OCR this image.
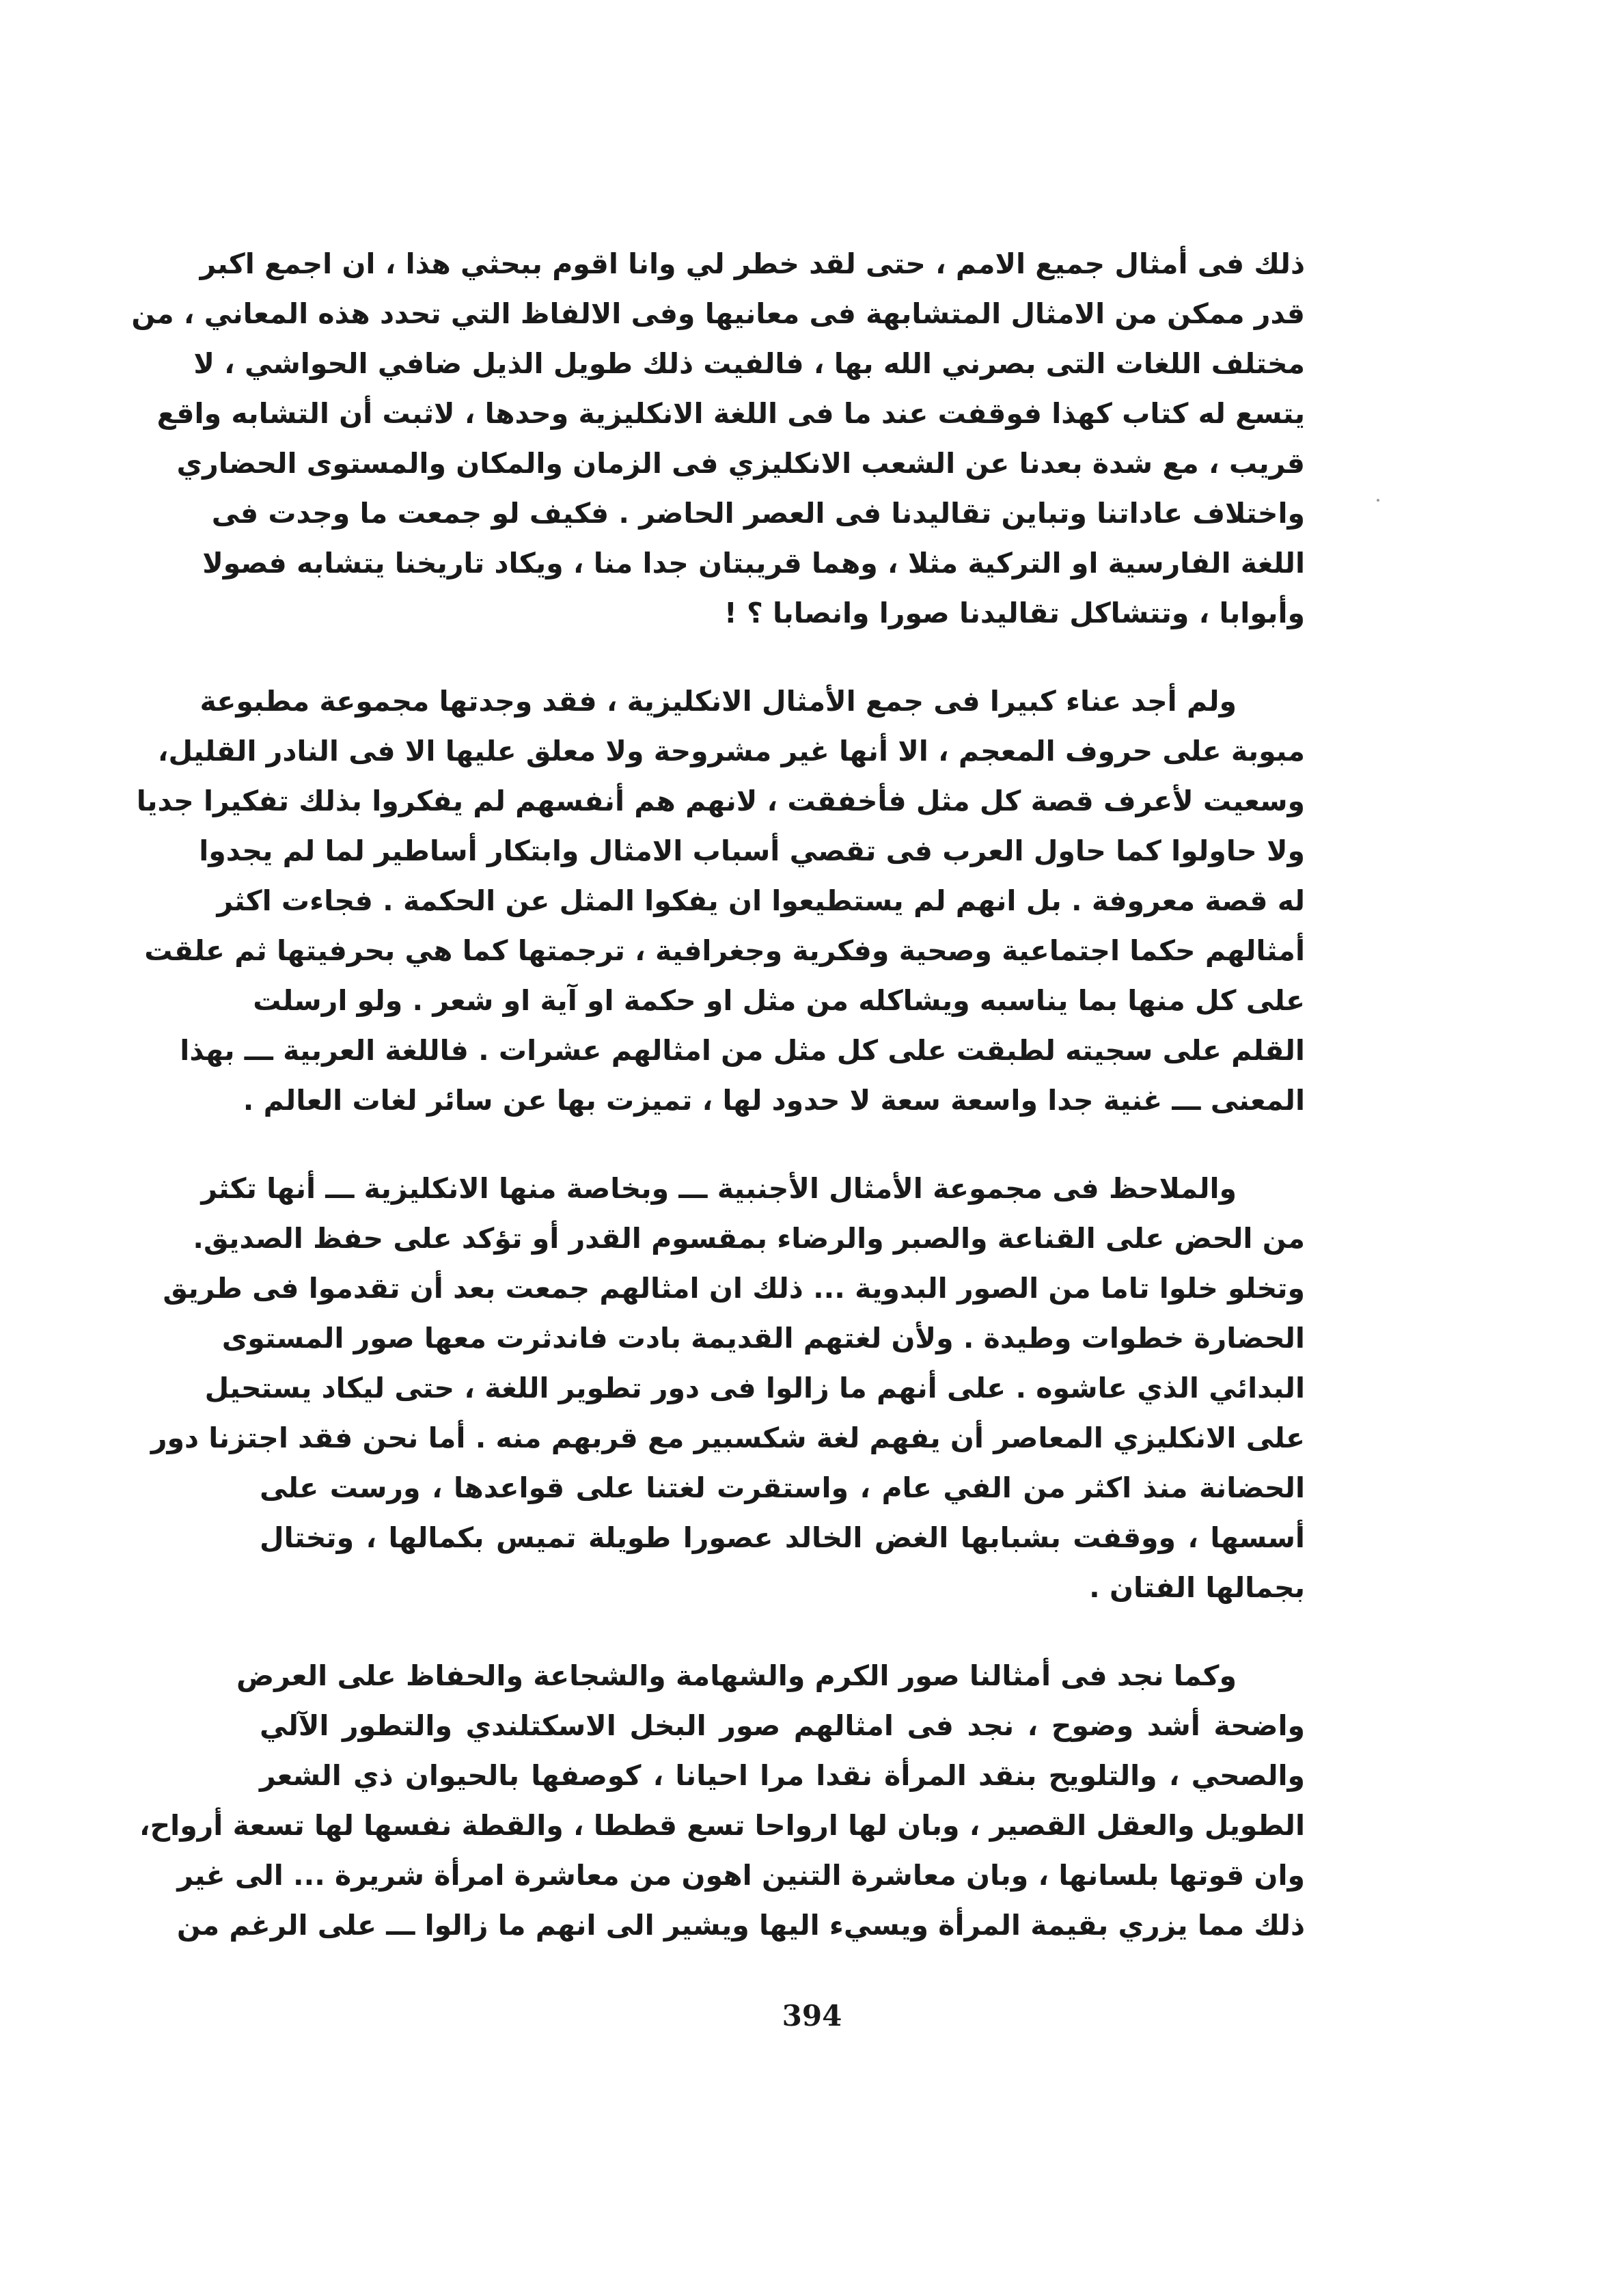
ذلك فى أمثال جميع الامم ، حتى لقد خطر لي وانا اقوم ببحثي هذا ، ان اجمع اكبر
قدر ممكن من الامثال المتشابهة فى معانيها وفى الالفاظ التي تحدد هذه المعاني ، من
مختلف اللغات التى بصرني الله بها ، فالفيت ذلك طويل الذيل ضافي الحواشي ، لا
يتسع له كتاب كهذا فوقفت عند ما فى اللغة الانكليزية وحدها ، لاثبت أن التشابه واقع
قريب ، مع شدة بعدنا عن الشعب الانكليزي فى الزمان والمكان والمستوى الحضاري
واختلاف عاداتنا وتباين تقاليدنا فى العصر الحاضر . فكيف لو جمعت ما وجدت فى
اللغة الفارسية او التركية مثلا ، وهما قريبتان جدا منا ، ويكاد تاريخنا يتشابه فصولا
وأبوابا ، وتتشاكل تقاليدنا صورا وانصابا ؟ !

ولم أجد عناء كبيرا فى جمع الأمثال الانكليزية ، فقد وجدتها مجموعة مطبوعة
مبوبة على حروف المعجم ، الا أنها غير مشروحة ولا معلق عليها الا فى النادر القليل،
وسعيت لأعرف قصة كل مثل فأخفقت ، لانهم هم أنفسهم لم يفكروا بذلك تفكيرا جديا
ولا حاولوا كما حاول العرب فى تقصي أسباب الامثال وابتكار أساطير لما لم يجدوا
له قصة معروفة . بل انهم لم يستطيعوا ان يفكوا المثل عن الحكمة . فجاءت اكثر
أمثالهم حكما اجتماعية وصحية وفكرية وجغرافية ، ترجمتها كما هي بحرفيتها ثم علقت
على كل منها بما يناسبه ويشاكله من مثل او حكمة او آية او شعر . ولو ارسلت
القلم على سجيته لطبقت على كل مثل من امثالهم عشرات . فاللغة العربية ـــ بهذا
المعنى ـــ غنية جدا واسعة سعة لا حدود لها ، تميزت بها عن سائر لغات العالم .

والملاحظ فى مجموعة الأمثال الأجنبية ـــ وبخاصة منها الانكليزية ـــ أنها تكثر
من الحض على القناعة والصبر والرضاء بمقسوم القدر أو تؤكد على حفظ الصديق.
وتخلو خلوا تاما من الصور البدوية ... ذلك ان امثالهم جمعت بعد أن تقدموا فى طريق
الحضارة خطوات وطيدة . ولأن لغتهم القديمة بادت فاندثرت معها صور المستوى
البدائي الذي عاشوه . على أنهم ما زالوا فى دور تطوير اللغة ، حتى ليكاد يستحيل
على الانكليزي المعاصر أن يفهم لغة شكسبير مع قربهم منه . أما نحن فقد اجتزنا دور
الحضانة منذ اكثر من الفي عام ، واستقرت لغتنا على قواعدها ، ورست على
أسسها ، ووقفت بشبابها الغض الخالد عصورا طويلة تميس بكمالها ، وتختال
بجمالها الفتان .

وكما نجد فى أمثالنا صور الكرم والشهامة والشجاعة والحفاظ على العرض
واضحة أشد وضوح ، نجد فى امثالهم صور البخل الاسكتلندي والتطور الآلي
والصحي ، والتلويح بنقد المرأة نقدا مرا احيانا ، كوصفها بالحيوان ذي الشعر
الطويل والعقل القصير ، وبان لها ارواحا تسع قططا ، والقطة نفسها لها تسعة أرواح،
وان قوتها بلسانها ، وبان معاشرة التنين اهون من معاشرة امرأة شريرة ... الى غير
ذلك مما يزري بقيمة المرأة ويسيء اليها ويشير الى انهم ما زالوا ـــ على الرغم من

394
